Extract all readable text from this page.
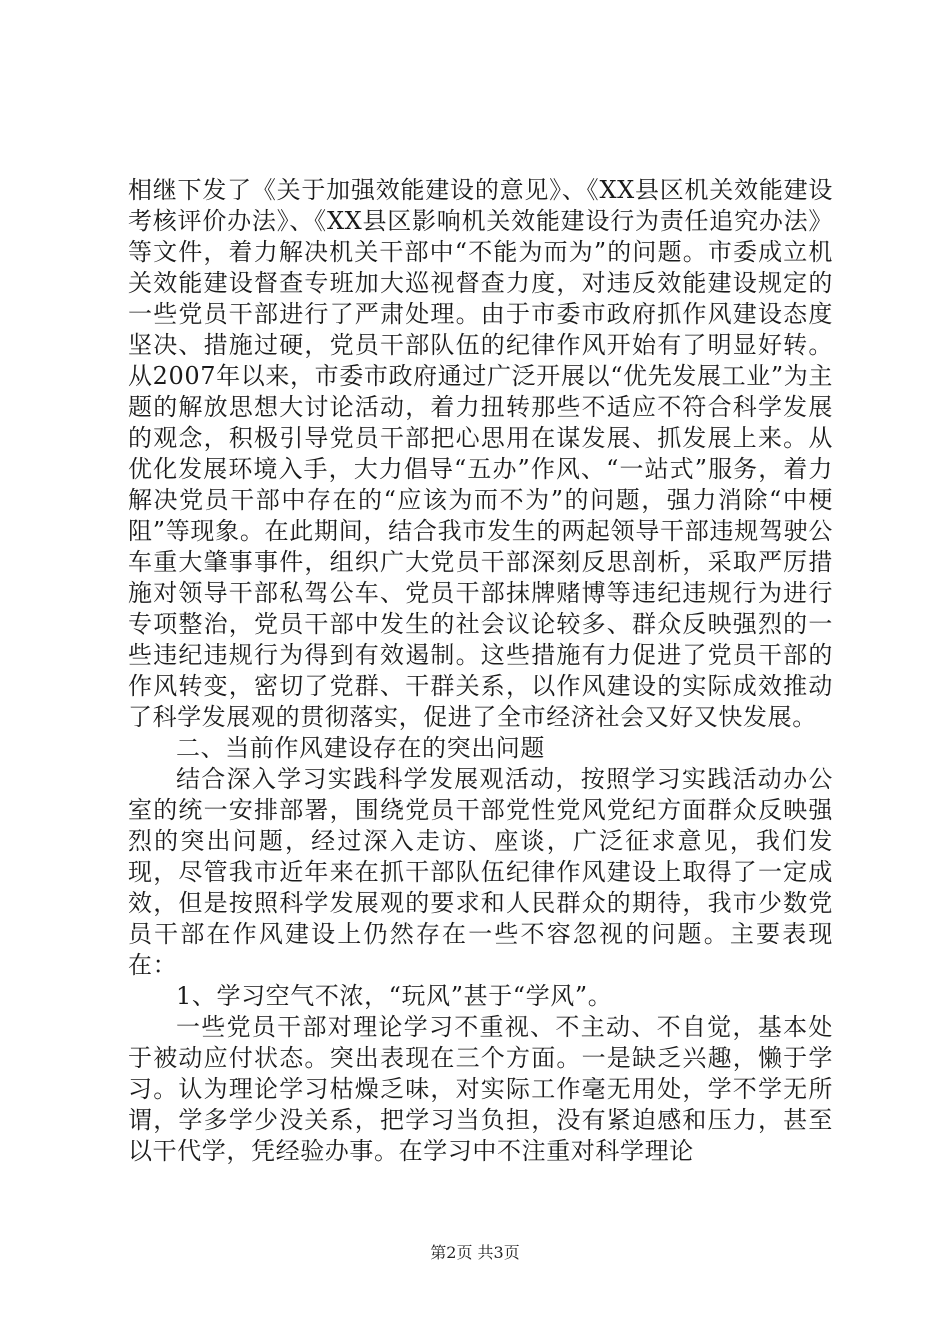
相继下发了《关于加强效能建设的意见》、《XX县区机关效能建设考核评价办法》、《XX县区影响机关效能建设行为责任追究办法》等文件，着力解决机关干部中“不能为而为”的问题。市委成立机关效能建设督查专班加大巡视督查力度，对违反效能建设规定的一些党员干部进行了严肃处理。由于市委市政府抓作风建设态度坚决、措施过硬，党员干部队伍的纪律作风开始有了明显好转。从2007年以来，市委市政府通过广泛开展以“优先发展工业”为主题的解放思想大讨论活动，着力扭转那些不适应不符合科学发展的观念，积极引导党员干部把心思用在谋发展、抓发展上来。从优化发展环境入手，大力倡导“五办”作风、“一站式”服务，着力解决党员干部中存在的“应该为而不为”的问题，强力消除“中梗阻”等现象。在此期间，结合我市发生的两起领导干部违规驾驶公车重大肇事事件，组织广大党员干部深刻反思剖析，采取严厉措施对领导干部私驾公车、党员干部抹牌赌博等违纪违规行为进行专项整治，党员干部中发生的社会议论较多、群众反映强烈的一些违纪违规行为得到有效遏制。这些措施有力促进了党员干部的作风转变，密切了党群、干群关系，以作风建设的实际成效推动了科学发展观的贯彻落实，促进了全市经济社会又好又快发展。

二、当前作风建设存在的突出问题

结合深入学习实践科学发展观活动，按照学习实践活动办公室的统一安排部署，围绕党员干部党性党风党纪方面群众反映强烈的突出问题，经过深入走访、座谈，广泛征求意见，我们发现，尽管我市近年来在抓干部队伍纪律作风建设上取得了一定成效，但是按照科学发展观的要求和人民群众的期待，我市少数党员干部在作风建设上仍然存在一些不容忽视的问题。主要表现在：

1、学习空气不浓，“玩风”甚于“学风”。

一些党员干部对理论学习不重视、不主动、不自觉，基本处于被动应付状态。突出表现在三个方面。一是缺乏兴趣，懒于学习。认为理论学习枯燥乏味，对实际工作毫无用处，学不学无所谓，学多学少没关系，把学习当负担，没有紧迫感和压力，甚至以干代学，凭经验办事。在学习中不注重对科学理论

第2页 共3页
